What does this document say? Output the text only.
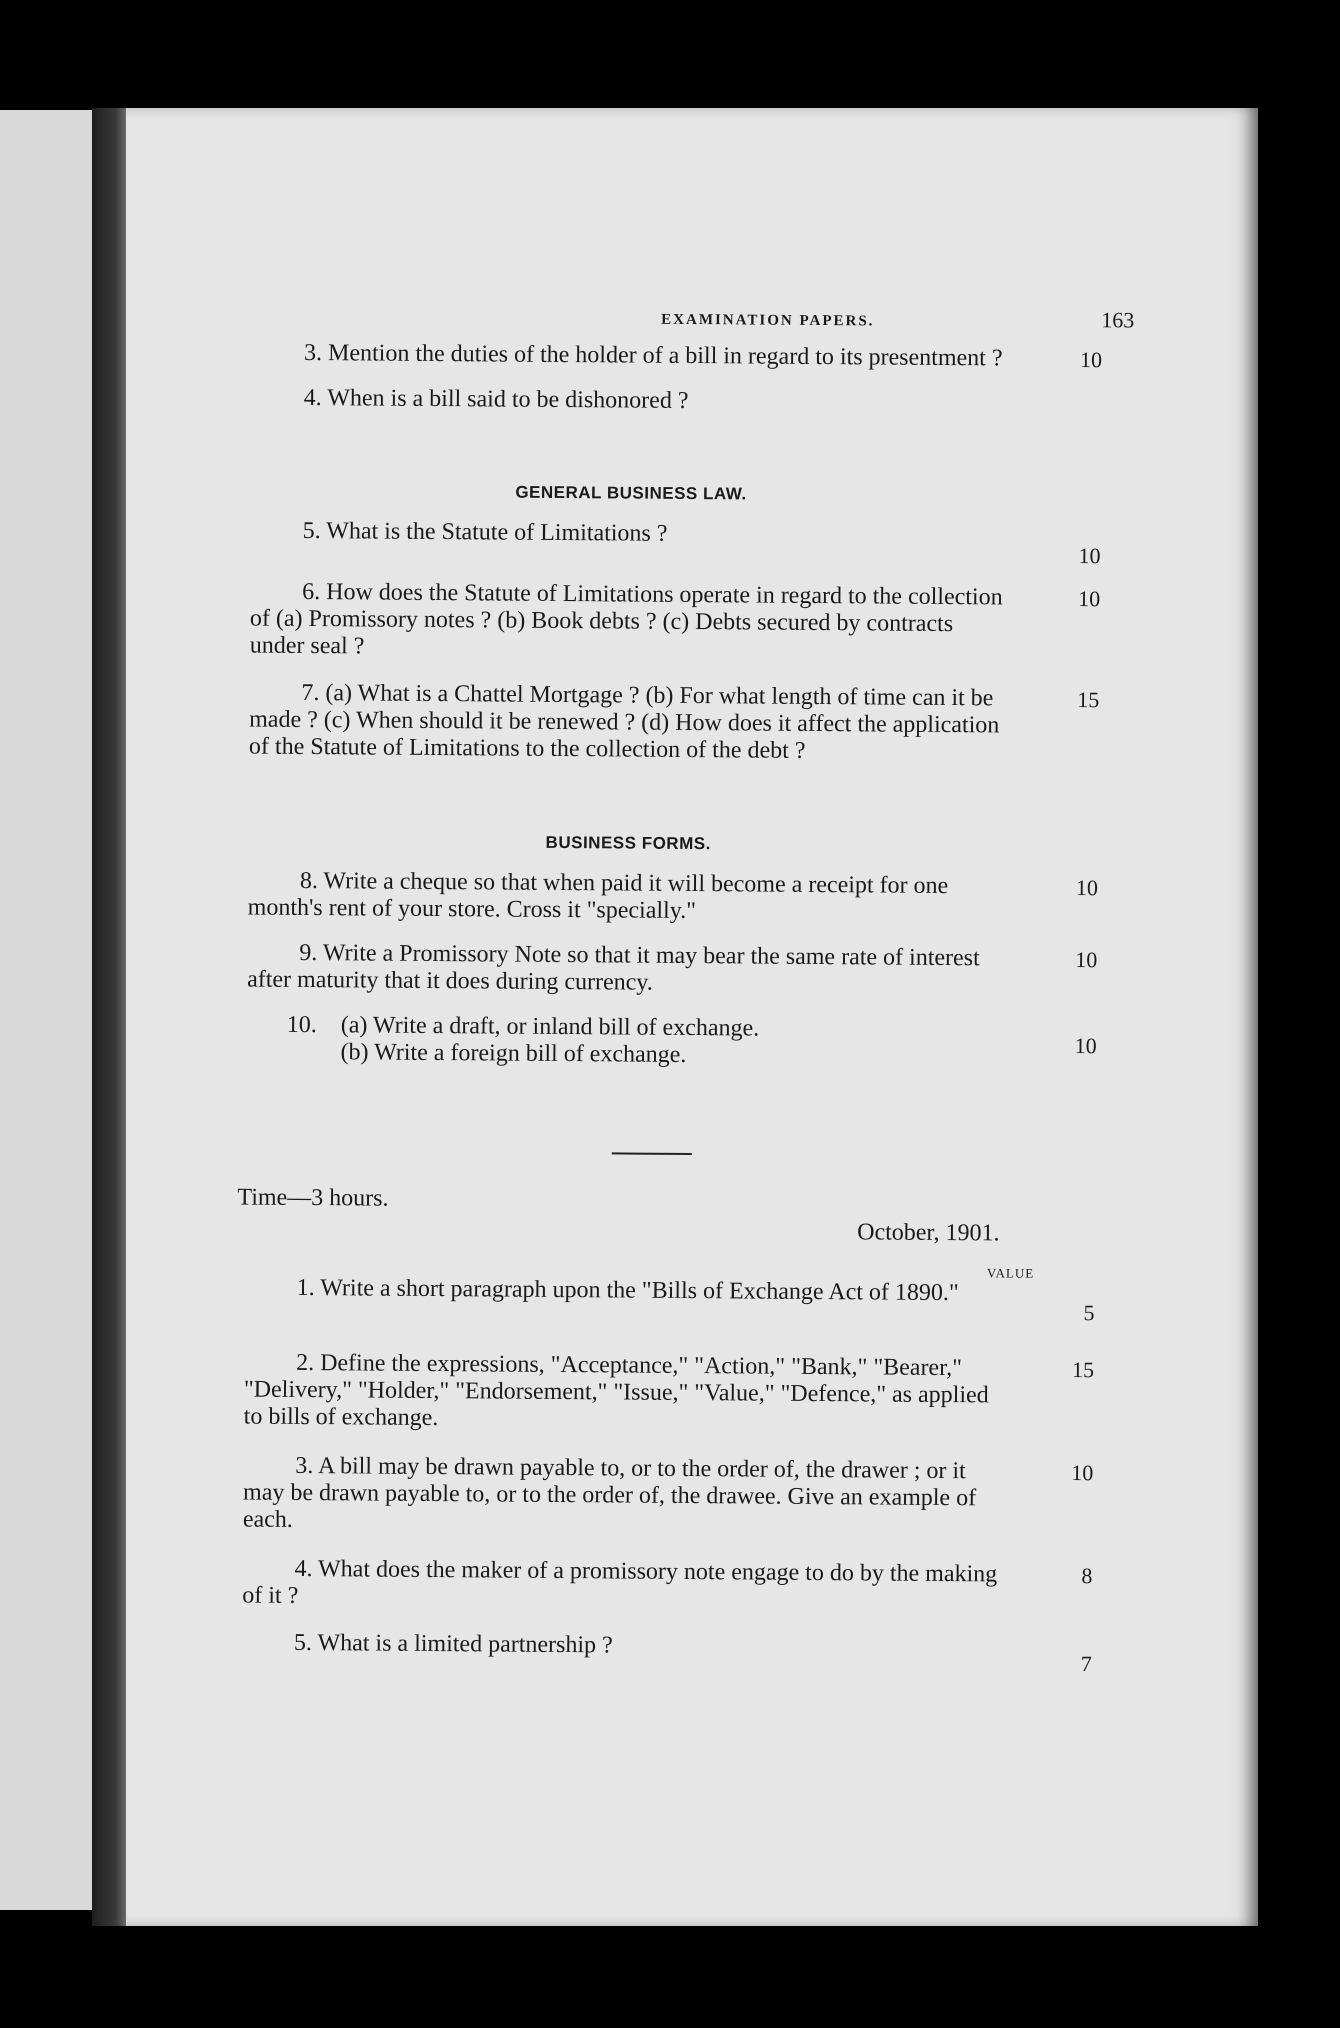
EXAMINATION PAPERS.	163
3. Mention the duties of the holder of a bill in regard to its presentment ?	10
4. When is a bill said to be dishonored ?
GENERAL BUSINESS LAW.
5. What is the Statute of Limitations ?
10
6. How does the Statute of Limitations operate in regard to the collection of (a) Promissory notes ? (b) Book debts ? (c) Debts secured by contracts under seal ?
10
7. (a) What is a Chattel Mortgage ? (b) For what length of time can it be made ? (c) When should it be renewed ? (d) How does it affect the application of the Statute of Limitations to the collection of the debt ?
15
BUSINESS FORMS.
8. Write a cheque so that when paid it will become a receipt for one month's rent of your store. Cross it "specially."
10
9. Write a Promissory Note so that it may bear the same rate of interest after maturity that it does during currency.
10
10. (a) Write a draft, or inland bill of exchange.
(b) Write a foreign bill of exchange.	10
Time—3 hours.
October, 1901.
VALUE
1. Write a short paragraph upon the "Bills of Exchange Act of 1890."
5
2. Define the expressions, "Acceptance," "Action," "Bank," "Bearer," "Delivery," "Holder," "Endorsement," "Issue," "Value," "Defence," as applied to bills of exchange.
15
3. A bill may be drawn payable to, or to the order of, the drawer ; or it may be drawn payable to, or to the order of, the drawee. Give an example of each.
10
4. What does the maker of a promissory note engage to do by the making of it ?
8
5. What is a limited partnership ?
7
